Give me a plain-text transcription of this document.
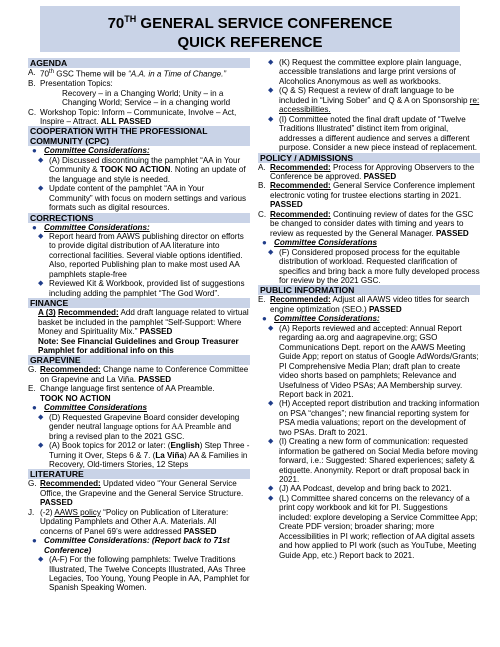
70TH GENERAL SERVICE CONFERENCE
QUICK REFERENCE
AGENDA
A. 70th GSC Theme will be “A.A. in a Time of Change.”
B. Presentation Topics:
Recovery – in a Changing World; Unity – in a Changing World; Service – in a changing world
C. Workshop Topic: Inform – Communicate, Involve – Act, Inspire – Attract. ALL PASSED
COOPERATION WITH THE PROFESSIONAL COMMUNITY (CPC)
● Committee Considerations:
◆ (A) Discussed discontinuing the pamphlet “AA in Your Community & TOOK NO ACTION. Noting an update of the language and style is needed.
◆ Update content of the pamphlet “AA in Your Community” with focus on modern settings and various formats such as digital resources.
CORRECTIONS
● Committee Considerations:
◆ Report heard from AAWS publishing director on efforts to provide digital distribution of AA literature into correctional facilities. Several viable options identified. Also, reported Publishing plan to make most used AA pamphlets staple-free
◆ Reviewed Kit & Workbook, provided list of suggestions including adding the pamphlet “The God Word”.
FINANCE
A (3) Recommended: Add draft language related to virtual basket be included in the pamphlet “Self-Support: Where Money and Spirituality Mix.” PASSED
Note: See Financial Guidelines and Group Treasurer Pamphlet for additional info on this
GRAPEVINE
G. Recommended: Change name to Conference Committee on Grapevine and La Viña. PASSED
E. Change language first sentence of AA Preamble.
TOOK NO ACTION
● Committee Considerations
◆ (D) Requested Grapevine Board consider developing gender neutral language options for AA Preamble and bring a revised plan to the 2021 GSC.
◆ (A) Book topics for 2012 or later: (English) Step Three -Turning it Over, Steps 6 & 7. (La Viña) AA & Families in Recovery, Old-timers Stories, 12 Steps
LITERATURE
G. Recommended: Updated video “Your General Service Office, the Grapevine and the General Service Structure. PASSED
J. (-2) AAWS policy “Policy on Publication of Literature: Updating Pamphlets and Other A.A. Materials. All concerns of Panel 69’s were addressed PASSED
● Committee Considerations: (Report back to 71st Conference)
◆ (A-F) For the following pamphlets: Twelve Traditions Illustrated, The Twelve Concepts Illustrated, AAs Three Legacies, Too Young, Young People in AA, Pamphlet for Spanish Speaking Women.
◆ (K) Request the committee explore plain language, accessible translations and large print versions of Alcoholics Anonymous as well as workbooks.
◆ (Q & S) Request a review of draft language to be included in “Living Sober” and Q & A on Sponsorship re: accessibilities.
◆ (I) Committee noted the final draft update of “Twelve Traditions Illustrated” distinct item from original, addresses a different audience and serves a different purpose. Consider a new piece instead of replacement.
POLICY / ADMISSIONS
A. Recommended: Process for Approving Observers to the Conference be approved. PASSED
B. Recommended: General Service Conference implement electronic voting for trustee elections starting in 2021. PASSED
C. Recommended: Continuing review of dates for the GSC be changed to consider dates with timing and years to review as requested by the General Manager. PASSED
● Committee Considerations
◆ (F) Considered proposed process for the equitable distribution of workload. Requested clarification of specifics and bring back a more fully developed process for review by the 2021 GSC.
PUBLIC INFORMATION
E. Recommended: Adjust all AAWS video titles for search engine optimization (SEO.) PASSED
● Committee Considerations:
◆ (A) Reports reviewed and accepted: Annual Report regarding aa.org and aagrapevine.org; GSO Communications Dept. report on the AAWS Meeting Guide App; report on status of Google AdWords/Grants; PI Comprehensive Media Plan; draft plan to create video shorts based on pamphlets; Relevance and Usefulness of Video PSAs; AA Membership survey. Report back in 2021.
◆ (H) Accepted report distribution and tracking information on PSA “changes”; new financial reporting system for PSA media valuations; report on the development of two PSAs. Draft to 2021.
◆ (I) Creating a new form of communication: requested information be gathered on Social Media before moving forward, i.e.: Suggested: Shared experiences; safety & etiquette. Anonymity. Report or draft proposal back in 2021.
◆ (J) AA Podcast, develop and bring back to 2021.
◆ (L) Committee shared concerns on the relevancy of a print copy workbook and kit for PI. Suggestions included: explore developing a Service Committee App; Create PDF version; broader sharing; more Accessibilities in PI work; reflection of AA digital assets and how applied to PI work (such as YouTube, Meeting Guide App, etc.) Report back to 2021.
